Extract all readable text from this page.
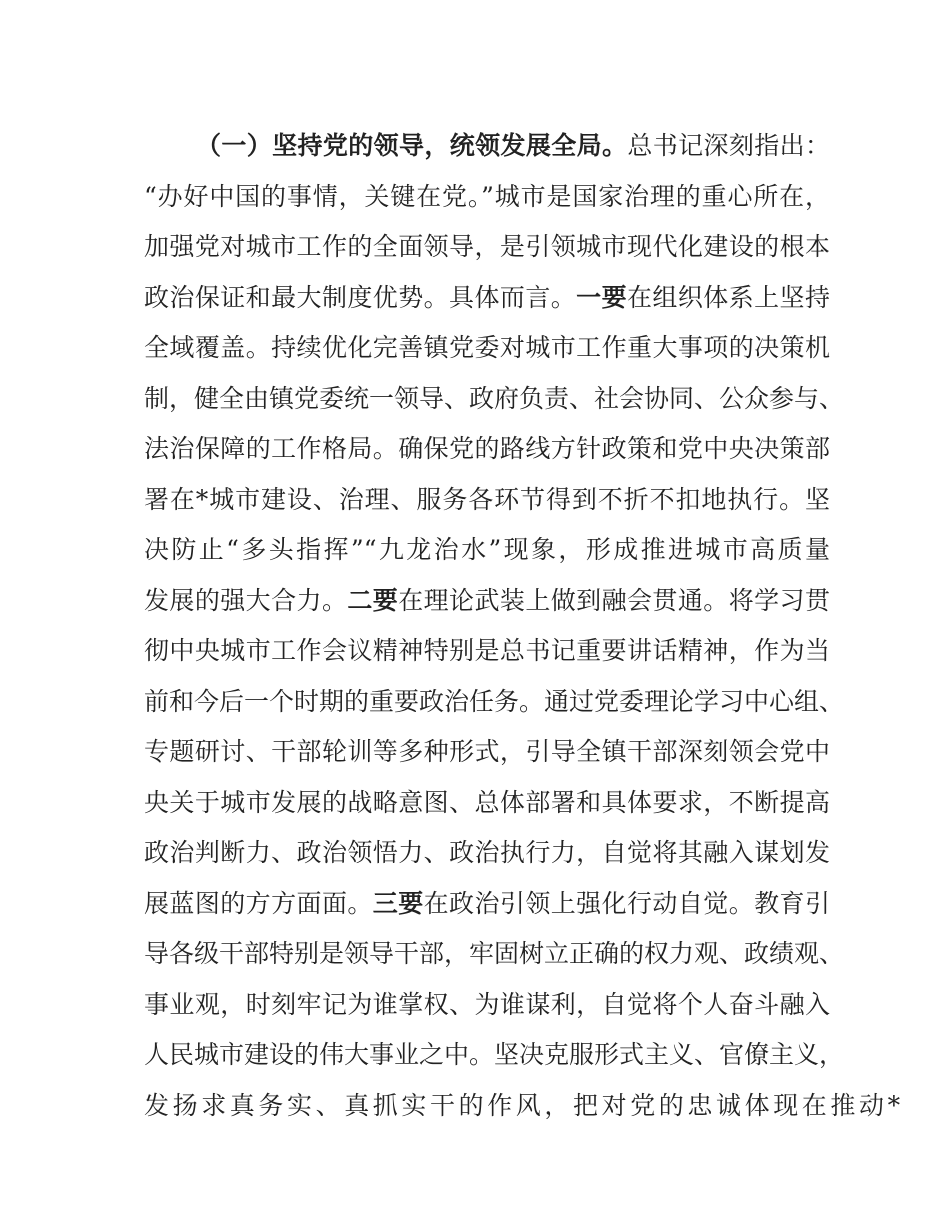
（一）坚持党的领导，统领发展全局。总书记深刻指出：
“办好中国的事情，关键在党。”城市是国家治理的重心所在，
加强党对城市工作的全面领导，是引领城市现代化建设的根本
政治保证和最大制度优势。具体而言。一要在组织体系上坚持
全域覆盖。持续优化完善镇党委对城市工作重大事项的决策机
制，健全由镇党委统一领导、政府负责、社会协同、公众参与、
法治保障的工作格局。确保党的路线方针政策和党中央决策部
署在*城市建设、治理、服务各环节得到不折不扣地执行。坚
决防止“多头指挥”“九龙治水”现象，形成推进城市高质量
发展的强大合力。二要在理论武装上做到融会贯通。将学习贯
彻中央城市工作会议精神特别是总书记重要讲话精神，作为当
前和今后一个时期的重要政治任务。通过党委理论学习中心组、
专题研讨、干部轮训等多种形式，引导全镇干部深刻领会党中
央关于城市发展的战略意图、总体部署和具体要求，不断提高
政治判断力、政治领悟力、政治执行力，自觉将其融入谋划发
展蓝图的方方面面。三要在政治引领上强化行动自觉。教育引
导各级干部特别是领导干部，牢固树立正确的权力观、政绩观、
事业观，时刻牢记为谁掌权、为谁谋利，自觉将个人奋斗融入
人民城市建设的伟大事业之中。坚决克服形式主义、官僚主义，
发扬求真务实、真抓实干的作风，把对党的忠诚体现在推动*
